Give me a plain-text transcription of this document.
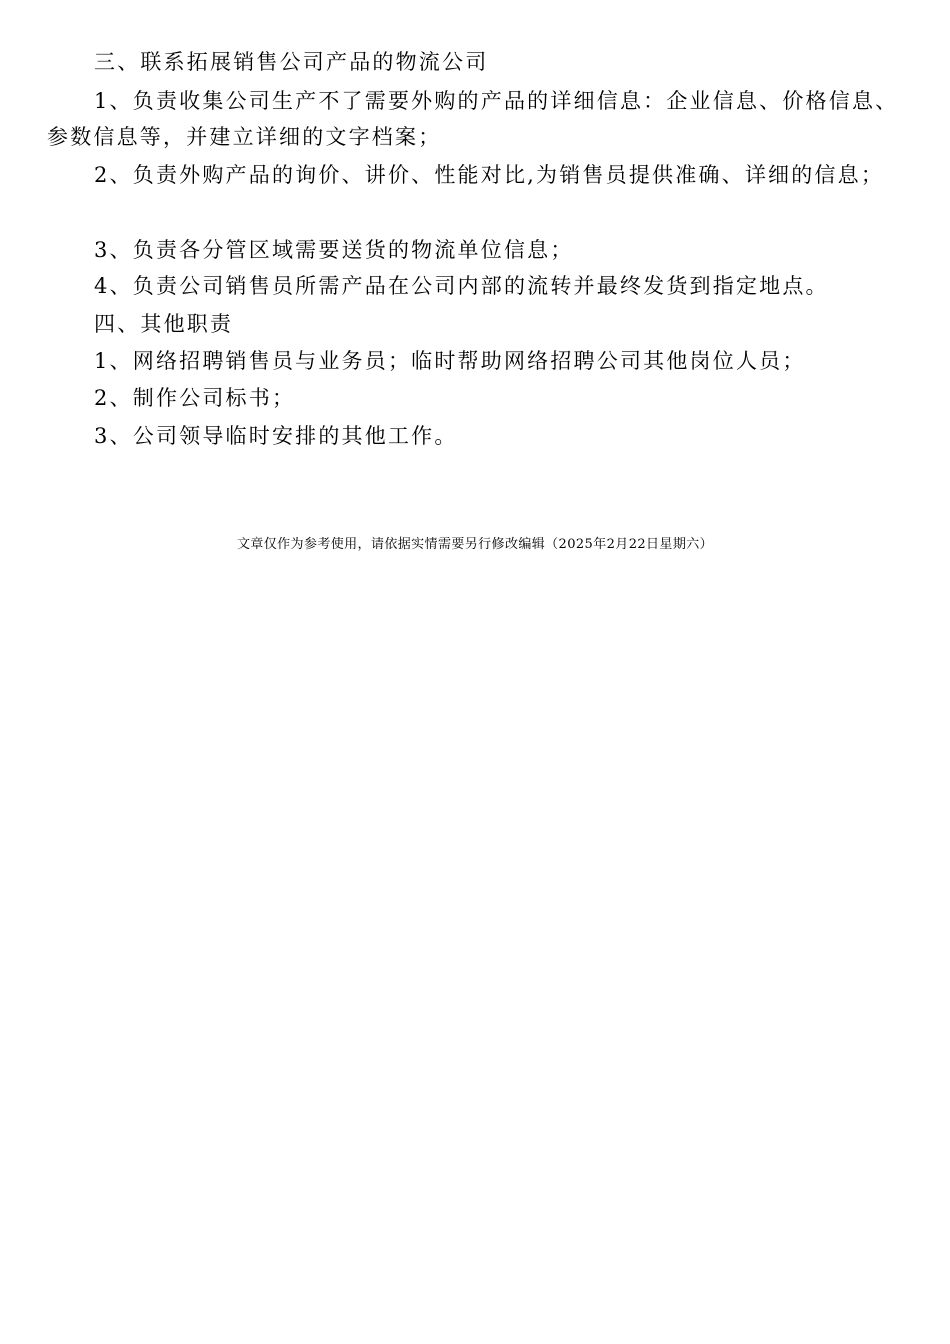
三、联系拓展销售公司产品的物流公司
1、负责收集公司生产不了需要外购的产品的详细信息：企业信息、价格信息、
参数信息等，并建立详细的文字档案；
2、负责外购产品的询价、讲价、性能对比,为销售员提供准确、详细的信息；
3、负责各分管区域需要送货的物流单位信息；
4、负责公司销售员所需产品在公司内部的流转并最终发货到指定地点。
四、其他职责
1、网络招聘销售员与业务员；临时帮助网络招聘公司其他岗位人员；
2、制作公司标书；
3、公司领导临时安排的其他工作。
文章仅作为参考使用，请依据实情需要另行修改编辑（2025年2月22日星期六）
